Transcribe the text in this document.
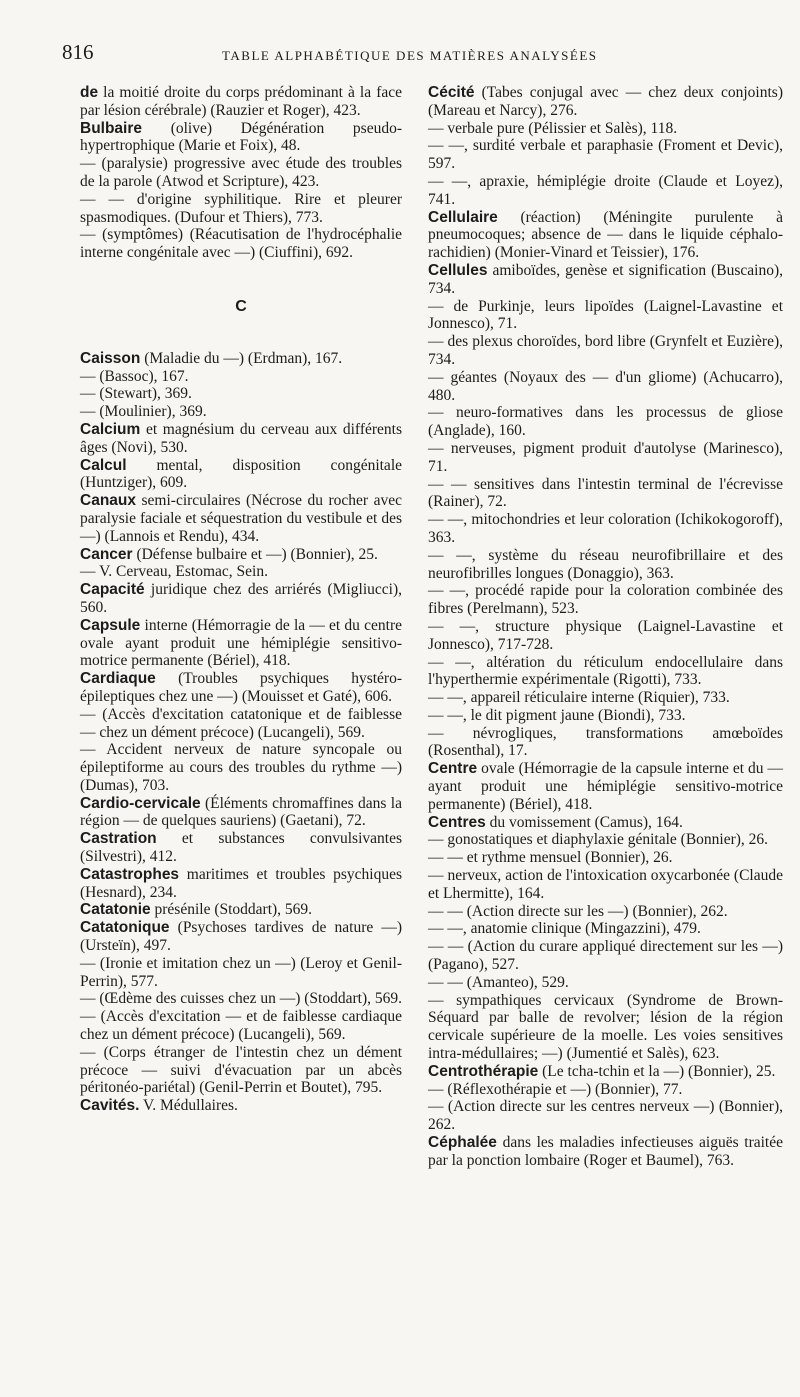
816	TABLE ALPHABÉTIQUE DES MATIÈRES ANALYSÉES

de la moitié droite du corps prédominant à la face par lésion cérébrale) (Rauzier et Roger), 423.

Bulbaire (olive) Dégénération pseudo-hypertrophique (Marie et Foix), 48.

— (paralysie) progressive avec étude des troubles de la parole (Atwod et Scripture), 423.

— — d'origine syphilitique. Rire et pleurer spasmodiques. (Dufour et Thiers), 773.

— (symptômes) (Réacutisation de l'hydrocéphalie interne congénitale avec —) (Ciuffini), 692.

C

Caisson (Maladie du —) (Erdman), 167.

— (Bassoc), 167.

— (Stewart), 369.

— (Moulinier), 369.

Calcium et magnésium du cerveau aux différents âges (Novi), 530.

Calcul mental, disposition congénitale (Huntziger), 609.

Canaux semi-circulaires (Nécrose du rocher avec paralysie faciale et séquestration du vestibule et des —) (Lannois et Rendu), 434.

Cancer (Défense bulbaire et —) (Bonnier), 25.

— V. Cerveau, Estomac, Sein.

Capacité juridique chez des arriérés (Migliucci), 560.

Capsule interne (Hémorragie de la — et du centre ovale ayant produit une hémiplégie sensitivo-motrice permanente (Bériel), 418.

Cardiaque (Troubles psychiques hystéro-épileptiques chez une —) (Mouisset et Gaté), 606.

— (Accès d'excitation catatonique et de faiblesse — chez un dément précoce) (Lucangeli), 569.

— Accident nerveux de nature syncopale ou épileptiforme au cours des troubles du rythme —) (Dumas), 703.

Cardio-cervicale (Éléments chromaffines dans la région — de quelques sauriens) (Gaetani), 72.

Castration et substances convulsivantes (Silvestri), 412.

Catastrophes maritimes et troubles psychiques (Hesnard), 234.

Catatonie présénile (Stoddart), 569.

Catatonique (Psychoses tardives de nature —) (Ursteïn), 497.

— (Ironie et imitation chez un —) (Leroy et Genil-Perrin), 577.

— (Œdème des cuisses chez un —) (Stoddart), 569.

— (Accès d'excitation — et de faiblesse cardiaque chez un dément précoce) (Lucangeli), 569.

— (Corps étranger de l'intestin chez un dément précoce — suivi d'évacuation par un abcès péritonéo-pariétal) (Genil-Perrin et Boutet), 795.

Cavités. V. Médullaires.

Cécité (Tabes conjugal avec — chez deux conjoints) (Mareau et Narcy), 276.

— verbale pure (Pélissier et Salès), 118.

— —, surdité verbale et paraphasie (Froment et Devic), 597.

— —, apraxie, hémiplégie droite (Claude et Loyez), 741.

Cellulaire (réaction) (Méningite purulente à pneumocoques; absence de — dans le liquide céphalo-rachidien) (Monier-Vinard et Teissier), 176.

Cellules amiboïdes, genèse et signification (Buscaino), 734.

— de Purkinje, leurs lipoïdes (Laignel-Lavastine et Jonnesco), 71.

— des plexus choroïdes, bord libre (Grynfelt et Euzière), 734.

— géantes (Noyaux des — d'un gliome) (Achucarro), 480.

— neuro-formatives dans les processus de gliose (Anglade), 160.

— nerveuses, pigment produit d'autolyse (Marinesco), 71.

— — sensitives dans l'intestin terminal de l'écrevisse (Rainer), 72.

— —, mitochondries et leur coloration (Ichikokogoroff), 363.

— —, système du réseau neurofibrillaire et des neurofibrilles longues (Donaggio), 363.

— —, procédé rapide pour la coloration combinée des fibres (Perelmann), 523.

— —, structure physique (Laignel-Lavastine et Jonnesco), 717-728.

— —, altération du réticulum endocellulaire dans l'hyperthermie expérimentale (Rigotti), 733.

— —, appareil réticulaire interne (Riquier), 733.

— —, le dit pigment jaune (Biondi), 733.

— névrogliques, transformations amœboïdes (Rosenthal), 17.

Centre ovale (Hémorragie de la capsule interne et du — ayant produit une hémiplégie sensitivo-motrice permanente) (Bériel), 418.

Centres du vomissement (Camus), 164.

— gonostatiques et diaphylaxie génitale (Bonnier), 26.

— — et rythme mensuel (Bonnier), 26.

— nerveux, action de l'intoxication oxycarbonée (Claude et Lhermitte), 164.

— — (Action directe sur les —) (Bonnier), 262.

— —, anatomie clinique (Mingazzini), 479.

— — (Action du curare appliqué directement sur les —) (Pagano), 527.

— — (Amanteo), 529.

— sympathiques cervicaux (Syndrome de Brown-Séquard par balle de revolver; lésion de la région cervicale supérieure de la moelle. Les voies sensitives intra-médullaires; —) (Jumentié et Salès), 623.

Centrothérapie (Le tcha-tchin et la —) (Bonnier), 25.

— (Réflexothérapie et —) (Bonnier), 77.

— (Action directe sur les centres nerveux —) (Bonnier), 262.

Céphalée dans les maladies infectieuses aiguës traitée par la ponction lombaire (Roger et Baumel), 763.
